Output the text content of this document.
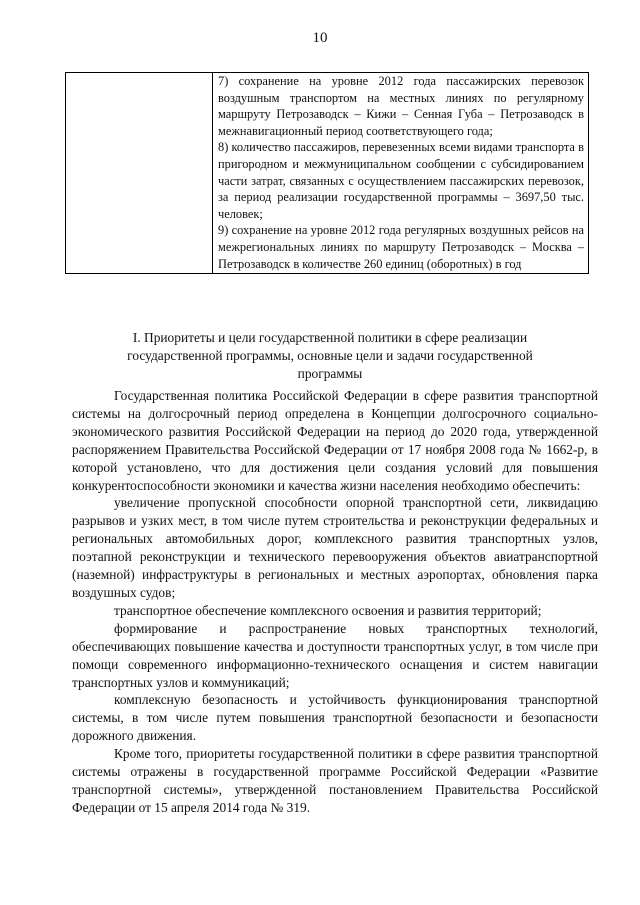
10

7) сохранение на уровне 2012 года пассажирских перевозок воздушным транспортом на местных линиях по регулярному маршруту Петрозаводск – Кижи – Сенная Губа – Петрозаводск в межнавигационный период соответствующего года;

8) количество пассажиров, перевезенных всеми видами транспорта в пригородном и межмуниципальном сообщении с субсидированием части затрат, связанных с осуществлением пассажирских перевозок, за период реализации государственной программы – 3697,50 тыс. человек;

9) сохранение на уровне 2012 года регулярных воздушных рейсов на межрегиональных линиях по маршруту Петрозаводск – Москва – Петрозаводск в количестве 260 единиц (оборотных) в год

I. Приоритеты и цели государственной политики в сфере реализации государственной программы, основные цели и задачи государственной программы

Государственная политика Российской Федерации в сфере развития транспортной системы на долгосрочный период определена в Концепции долгосрочного социально-экономического развития Российской Федерации на период до 2020 года, утвержденной распоряжением Правительства Российской Федерации от 17 ноября 2008 года № 1662-р, в которой установлено, что для достижения цели создания условий для повышения конкурентоспособности экономики и качества жизни населения необходимо обеспечить:

увеличение пропускной способности опорной транспортной сети, ликвидацию разрывов и узких мест, в том числе путем строительства и реконструкции федеральных и региональных автомобильных дорог, комплексного развития транспортных узлов, поэтапной реконструкции и технического перевооружения объектов авиатранспортной (наземной) инфраструктуры в региональных и местных аэропортах, обновления парка воздушных судов;

транспортное обеспечение комплексного освоения и развития территорий;

формирование и распространение новых транспортных технологий, обеспечивающих повышение качества и доступности транспортных услуг, в том числе при помощи современного информационно-технического оснащения и систем навигации транспортных узлов и коммуникаций;

комплексную безопасность и устойчивость функционирования транспортной системы, в том числе путем повышения транспортной безопасности и безопасности дорожного движения.

Кроме того, приоритеты государственной политики в сфере развития транспортной системы отражены в государственной программе Российской Федерации «Развитие транспортной системы», утвержденной постановлением Правительства Российской Федерации от 15 апреля 2014 года № 319.
